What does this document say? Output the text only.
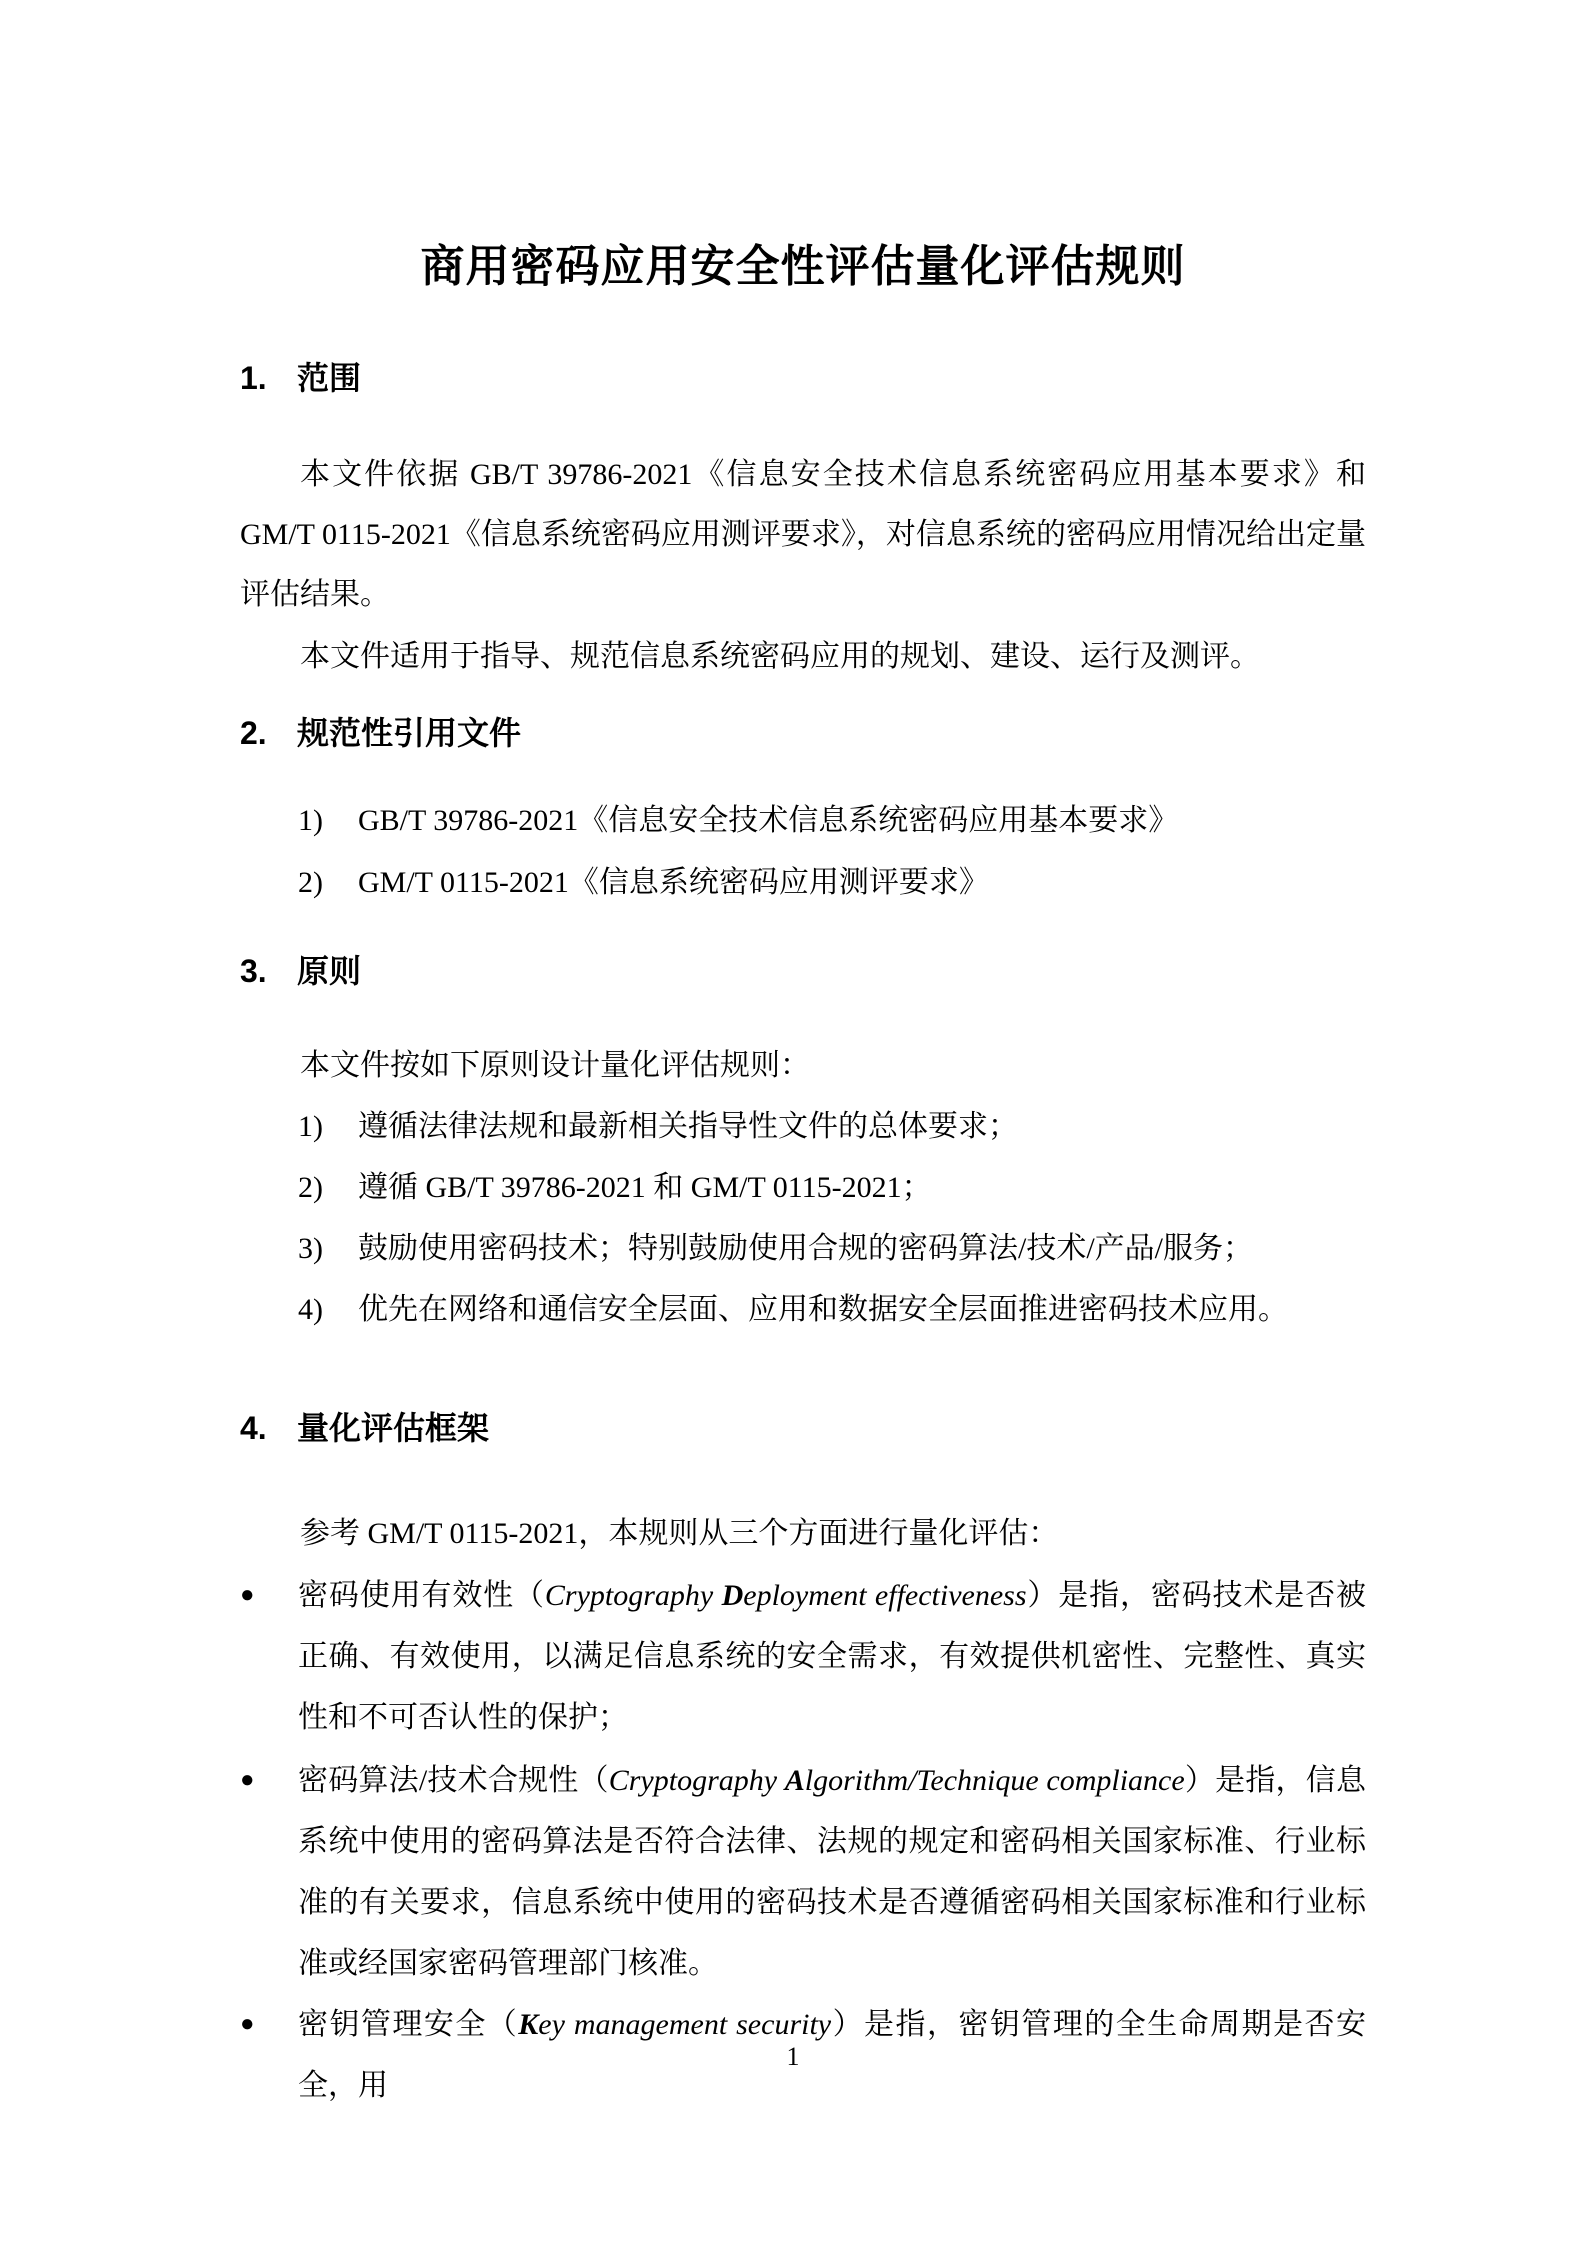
商用密码应用安全性评估量化评估规则
1. 范围

本文件依据 GB/T 39786-2021《信息安全技术信息系统密码应用基本要求》和 GM/T 0115-2021《信息系统密码应用测评要求》，对信息系统的密码应用情况给出定量评估结果。

本文件适用于指导、规范信息系统密码应用的规划、建设、运行及测评。

2. 规范性引用文件
1)	GB/T 39786-2021《信息安全技术信息系统密码应用基本要求》
2)	GM/T 0115-2021《信息系统密码应用测评要求》
3. 原则

本文件按如下原则设计量化评估规则：

1)	遵循法律法规和最新相关指导性文件的总体要求；
2)	遵循 GB/T 39786-2021 和 GM/T 0115-2021；
3)	鼓励使用密码技术；特别鼓励使用合规的密码算法/技术/产品/服务；
4)	优先在网络和通信安全层面、应用和数据安全层面推进密码技术应用。
4. 量化评估框架

参考 GM/T 0115-2021，本规则从三个方面进行量化评估：

●	密码使用有效性（Cryptography Deployment effectiveness）是指，密码技术是否被正确、有效使用，以满足信息系统的安全需求，有效提供机密性、完整性、真实性和不可否认性的保护；

●	密码算法/技术合规性（Cryptography Algorithm/Technique compliance）是指，信息系统中使用的密码算法是否符合法律、法规的规定和密码相关国家标准、行业标准的有关要求，信息系统中使用的密码技术是否遵循密码相关国家标准和行业标准或经国家密码管理部门核准。

●	密钥管理安全（Key management security）是指，密钥管理的全生命周期是否安全，用

1
